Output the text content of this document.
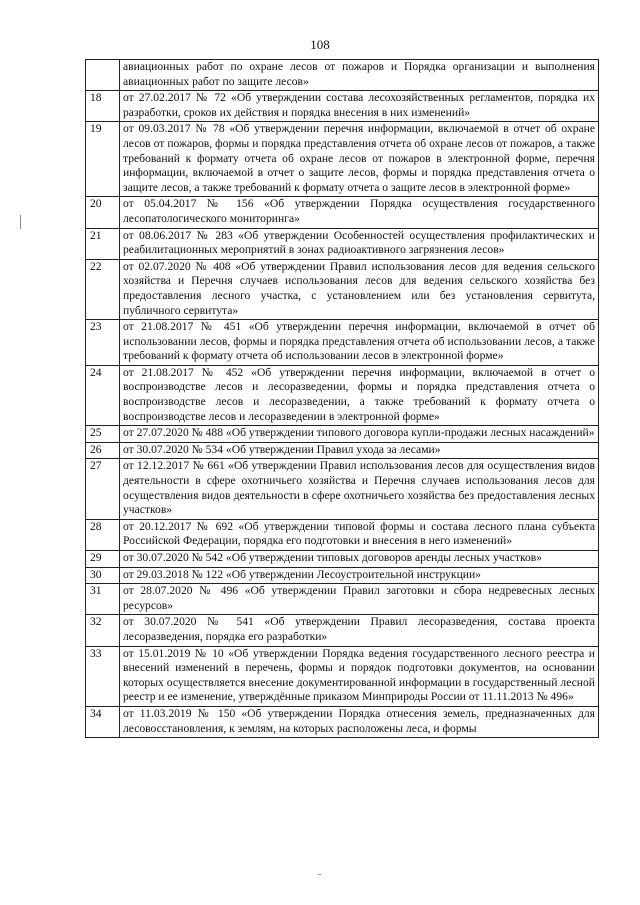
108
	авиационных работ по охране лесов от пожаров и Порядка организации и выполнения авиационных работ по защите лесов»
18	от 27.02.2017 № 72 «Об утверждении состава лесохозяйственных регламентов, порядка их разработки, сроков их действия и порядка внесения в них изменений»
19	от 09.03.2017 № 78 «Об утверждении перечня информации, включаемой в отчет об охране лесов от пожаров, формы и порядка представления отчета об охране лесов от пожаров, а также требований к формату отчета об охране лесов от пожаров в электронной форме, перечня информации, включаемой в отчет о защите лесов, формы и порядка представления отчета о защите лесов, а также требований к формату отчета о защите лесов в электронной форме»
20	от 05.04.2017 № 156 «Об утверждении Порядка осуществления государственного лесопатологического мониторинга»
21	от 08.06.2017 № 283 «Об утверждении Особенностей осуществления профилактических и реабилитационных мероприятий в зонах радиоактивного загрязнения лесов»
22	от 02.07.2020 № 408 «Об утверждении Правил использования лесов для ведения сельского хозяйства и Перечня случаев использования лесов для ведения сельского хозяйства без предоставления лесного участка, с установлением или без установления сервитута, публичного сервитута»
23	от 21.08.2017 № 451 «Об утверждении перечня информации, включаемой в отчет об использовании лесов, формы и порядка представления отчета об использовании лесов, а также требований к формату отчета об использовании лесов в электронной форме»
24	от 21.08.2017 № 452 «Об утверждении перечня информации, включаемой в отчет о воспроизводстве лесов и лесоразведении, формы и порядка представления отчета о воспроизводстве лесов и лесоразведении, а также требований к формату отчета о воспроизводстве лесов и лесоразведении в электронной форме»
25	от 27.07.2020 № 488 «Об утверждении типового договора купли-продажи лесных насаждений»
26	от 30.07.2020 № 534 «Об утверждении Правил ухода за лесами»
27	от 12.12.2017 № 661 «Об утверждении Правил использования лесов для осуществления видов деятельности в сфере охотничьего хозяйства и Перечня случаев использования лесов для осуществления видов деятельности в сфере охотничьего хозяйства без предоставления лесных участков»
28	от 20.12.2017 № 692 «Об утверждении типовой формы и состава лесного плана субъекта Российской Федерации, порядка его подготовки и внесения в него изменений»
29	от 30.07.2020 № 542 «Об утверждении типовых договоров аренды лесных участков»
30	от 29.03.2018 № 122 «Об утверждении Лесоустроительной инструкции»
31	от 28.07.2020 № 496 «Об утверждении Правил заготовки и сбора недревесных лесных ресурсов»
32	от 30.07.2020 № 541 «Об утверждении Правил лесоразведения, состава проекта лесоразведения, порядка его разработки»
33	от 15.01.2019 № 10 «Об утверждении Порядка ведения государственного лесного реестра и внесений изменений в перечень, формы и порядок подготовки документов, на основании которых осуществляется внесение документированной информации в государственный лесной реестр и ее изменение, утверждённые приказом Минприроды России от 11.11.2013 № 496»
34	от 11.03.2019 № 150 «Об утверждении Порядка отнесения земель, предназначенных для лесовосстановления, к землям, на которых расположены леса, и формы
